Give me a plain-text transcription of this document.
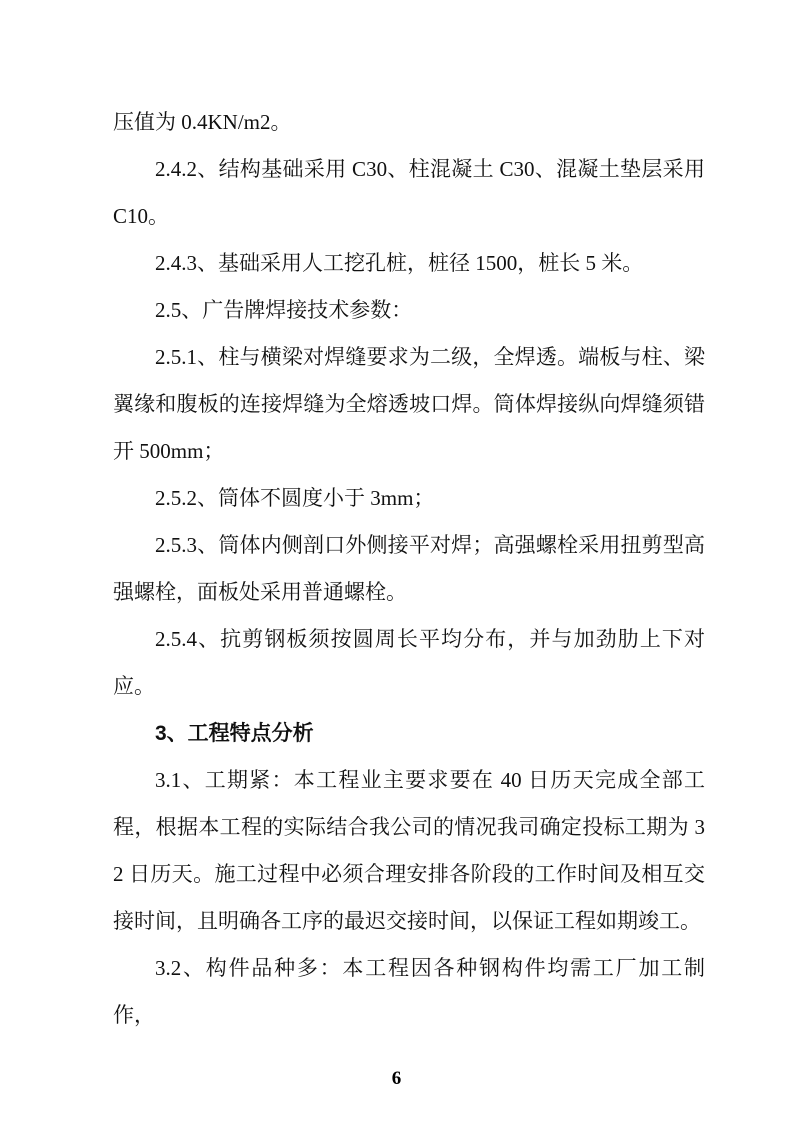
压值为 0.4KN/m2。

2.4.2、结构基础采用 C30、柱混凝土 C30、混凝土垫层采用 C10。

2.4.3、基础采用人工挖孔桩，桩径 1500，桩长 5 米。

2.5、广告牌焊接技术参数：

2.5.1、柱与横梁对焊缝要求为二级，全焊透。端板与柱、梁翼缘和腹板的连接焊缝为全熔透坡口焊。筒体焊接纵向焊缝须错开 500mm；

2.5.2、筒体不圆度小于 3mm；

2.5.3、筒体内侧剖口外侧接平对焊；高强螺栓采用扭剪型高强螺栓，面板处采用普通螺栓。

2.5.4、抗剪钢板须按圆周长平均分布，并与加劲肋上下对应。

3、工程特点分析

3.1、工期紧：本工程业主要求要在 40 日历天完成全部工程，根据本工程的实际结合我公司的情况我司确定投标工期为 32 日历天。施工过程中必须合理安排各阶段的工作时间及相互交接时间，且明确各工序的最迟交接时间，以保证工程如期竣工。

3.2、构件品种多：本工程因各种钢构件均需工厂加工制作，

6
